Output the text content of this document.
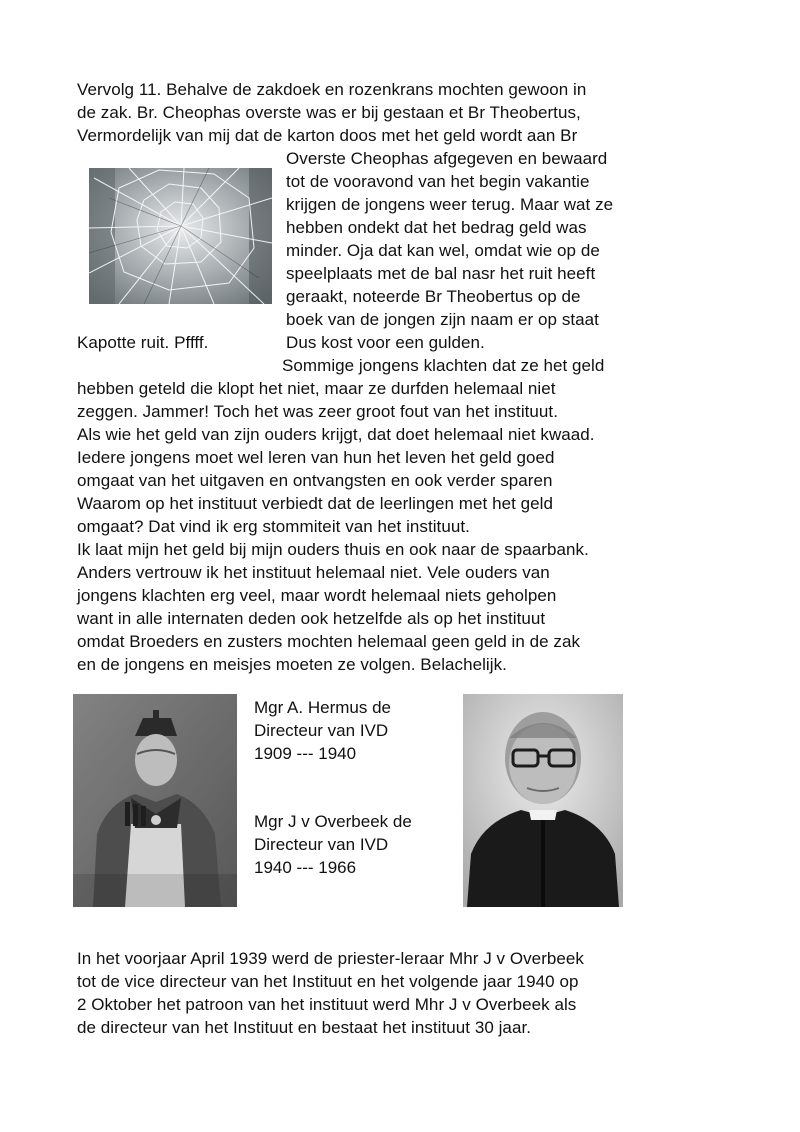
Vervolg 11. Behalve de zakdoek en rozenkrans mochten gewoon in
de zak. Br. Cheophas overste was er bij gestaan et Br Theobertus,
Vermordelijk van mij dat de karton doos met het geld wordt aan Br
Overste Cheophas afgegeven en bewaard
tot de vooravond van het begin vakantie
krijgen de jongens weer terug. Maar wat ze
hebben ondekt dat het bedrag geld was
minder. Oja dat kan wel, omdat wie op de
speelplaats met de bal nasr het ruit heeft
geraakt, noteerde Br Theobertus op de
boek van de jongen zijn naam er op staat
Kapotte ruit. Pffff.	Dus kost voor een gulden.
Sommige jongens klachten dat ze het geld
hebben geteld die klopt het niet, maar ze durfden helemaal niet
zeggen. Jammer! Toch het was zeer groot fout van het instituut.
Als wie het geld van zijn ouders krijgt, dat doet helemaal niet kwaad.
Iedere jongens moet wel leren van hun het leven het geld goed
omgaat van het uitgaven en ontvangsten en ook verder sparen
Waarom op het instituut verbiedt dat de leerlingen met het geld
omgaat? Dat vind ik erg stommiteit van het instituut.
Ik laat mijn het geld bij mijn ouders thuis en ook naar de spaarbank.
Anders vertrouw ik het instituut helemaal niet. Vele ouders van
jongens klachten erg veel, maar wordt helemaal niets geholpen
want in alle internaten deden ook hetzelfde als op het instituut
omdat Broeders en zusters mochten helemaal geen geld in de zak
en de jongens en meisjes moeten ze volgen. Belachelijk.
Mgr A. Hermus de
Directeur van IVD
1909 --- 1940
Mgr J v Overbeek de
Directeur van IVD
1940 --- 1966
In het voorjaar April 1939 werd de priester-leraar Mhr J v Overbeek
tot de vice directeur van het Instituut en het volgende jaar 1940 op
2 Oktober het patroon van het instituut werd Mhr J v Overbeek als
de directeur van het Instituut en bestaat het instituut 30 jaar.
